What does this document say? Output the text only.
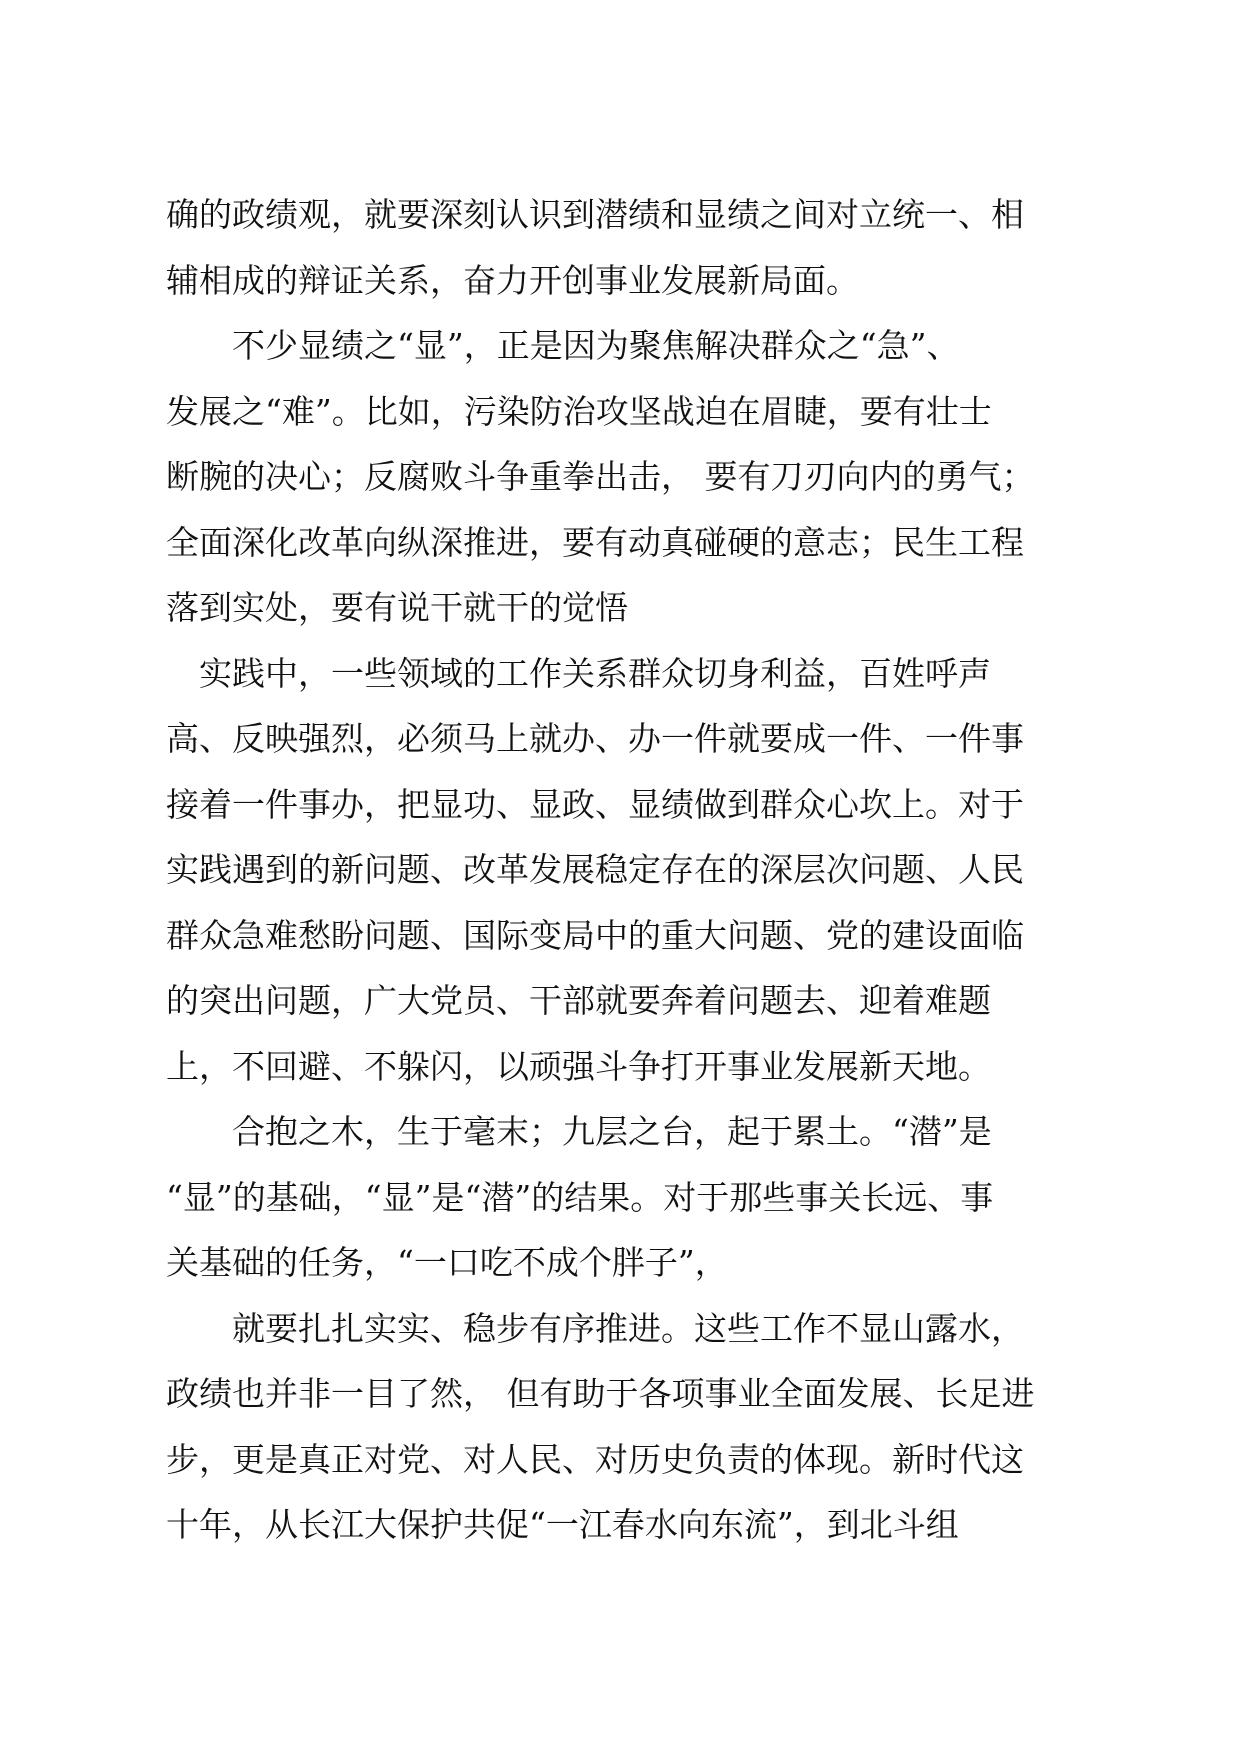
确的政绩观，就要深刻认识到潜绩和显绩之间对立统一、相
辅相成的辩证关系，奋力开创事业发展新局面。
不少显绩之“显”，正是因为聚焦解决群众之“急”、
发展之“难”。比如，污染防治攻坚战迫在眉睫，要有壮士
断腕的决心；反腐败斗争重拳出击， 要有刀刃向内的勇气；
全面深化改革向纵深推进，要有动真碰硬的意志；民生工程
落到实处，要有说干就干的觉悟
实践中，一些领域的工作关系群众切身利益，百姓呼声
高、反映强烈，必须马上就办、办一件就要成一件、一件事
接着一件事办，把显功、显政、显绩做到群众心坎上。对于
实践遇到的新问题、改革发展稳定存在的深层次问题、人民
群众急难愁盼问题、国际变局中的重大问题、党的建设面临
的突出问题，广大党员、干部就要奔着问题去、迎着难题
上，不回避、不躲闪，以顽强斗争打开事业发展新天地。
合抱之木，生于毫末；九层之台，起于累土。“潜”是
“显”的基础，“显”是“潜”的结果。对于那些事关长远、事
关基础的任务，“一口吃不成个胖子”，
就要扎扎实实、稳步有序推进。这些工作不显山露水，
政绩也并非一目了然， 但有助于各项事业全面发展、长足进
步，更是真正对党、对人民、对历史负责的体现。新时代这
十年，从长江大保护共促“一江春水向东流”，到北斗组
